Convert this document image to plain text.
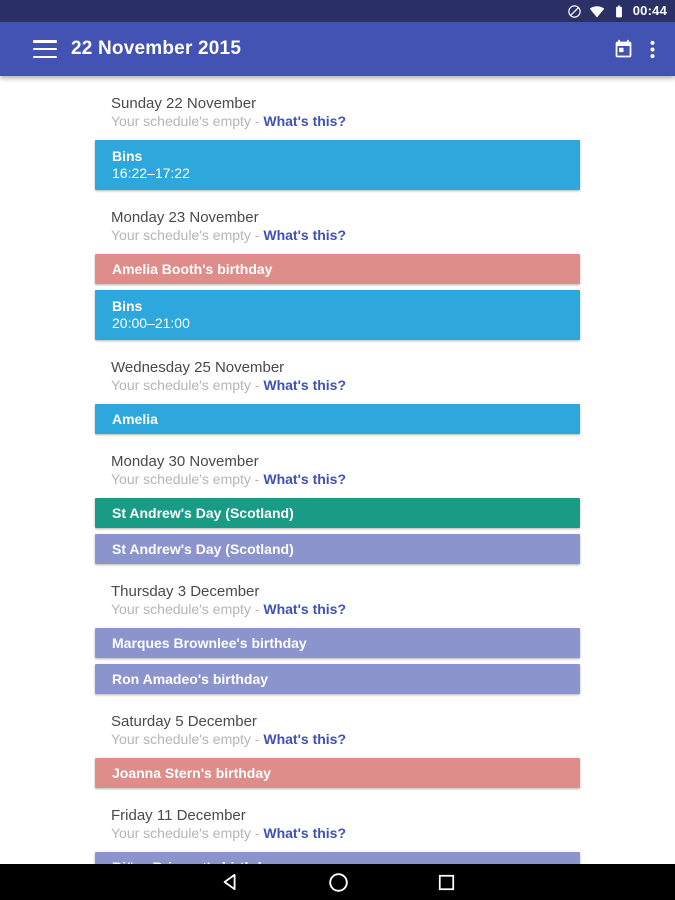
00:44
22 November 2015
Sunday 22 November

Your schedule's empty - What's this?

Bins
16:22–17:22
Monday 23 November

Your schedule's empty - What's this?

Amelia Booth's birthday
Bins
20:00–21:00
Wednesday 25 November

Your schedule's empty - What's this?

Amelia
Monday 30 November

Your schedule's empty - What's this?

St Andrew's Day (Scotland)
St Andrew's Day (Scotland)
Thursday 3 December

Your schedule's empty - What's this?

Marques Brownlee's birthday
Ron Amadeo's birthday
Saturday 5 December

Your schedule's empty - What's this?

Joanna Stern's birthday
Friday 11 December

Your schedule's empty - What's this?
